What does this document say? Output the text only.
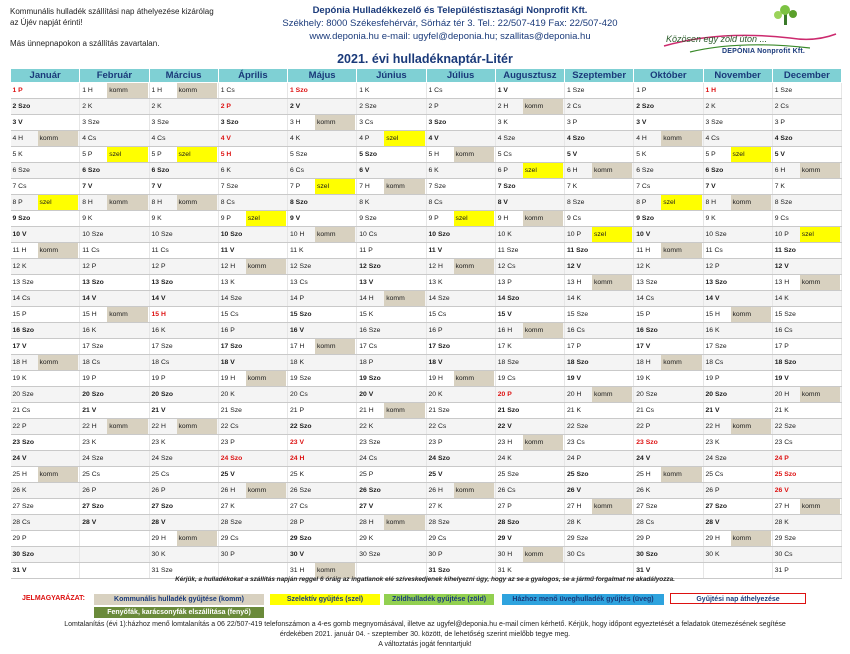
Kommunális hulladék szállítási nap áthelyezése kizárólag
az Újév napját érinti!
Más ünnepnapokon a szállítás zavartalan.
Depónia Hulladékkezelő és Településtisztasági Nonprofit Kft.
Székhely: 8000 Székesfehérvár, Sörház tér 3. Tel.: 22/507-419 Fax: 22/507-420
www.deponia.hu e-mail: ugyfel@deponia.hu; szallitas@deponia.hu	Közösen egy zöld úton ...
DEPÓNIA Nonprofit Kft.
2021. évi hulladéknaptár-Litér
Január	Február	Március	Április	Május	Június	Július	Augusztusz	Szeptember	Október	November	December

1 P	1 H komm	1 H komm	1 Cs	1 Szo	1 K	1 Cs	1 V	1 Sze	1 P	1 H	1 Sze

2 Szo	2 K	2 K	2 P	2 V	2 Sze	2 P	2 H komm	2 Cs	2 Szo	2 K	2 Cs

3 V	3 Sze	3 Sze	3 Szo	3 H komm	3 Cs	3 Szo	3 K	3 P	3 V	3 Sze	3 P

4 H komm	4 Cs	4 Cs	4 V	4 K	4 P szel	4 V	4 Sze	4 Szo	4 H komm	4 Cs	4 Szo

5 K	5 P szel	5 P szel	5 H	5 Sze	5 Szo	5 H komm	5 Cs	5 V	5 K	5 P szel	5 V

6 Sze	6 Szo	6 Szo	6 K	6 Cs	6 V	6 K	6 P szel	6 H komm	6 Sze	6 Szo	6 H komm

7 Cs	7 V	7 V	7 Sze	7 P szel	7 H komm	7 Sze	7 Szo	7 K	7 Cs	7 V	7 K

8 P szel	8 H komm	8 H komm	8 Cs	8 Szo	8 K	8 Cs	8 V	8 Sze	8 P szel	8 H komm	8 Sze

9 Szo	9 K	9 K	9 P szel	9 V	9 Sze	9 P szel	9 H komm	9 Cs	9 Szo	9 K	9 Cs

10 V	10 Sze	10 Sze	10 Szo	10 H komm	10 Cs	10 Szo	10 K	10 P szel	10 V	10 Sze	10 P szel

11 H komm	11 Cs	11 Cs	11 V	11 K	11 P	11 V	11 Sze	11 Szo	11 H komm	11 Cs	11 Szo

12 K	12 P	12 P	12 H komm	12 Sze	12 Szo	12 H komm	12 Cs	12 V	12 K	12 P	12 V

13 Sze	13 Szo	13 Szo	13 K	13 Cs	13 V	13 K	13 P	13 H komm	13 Sze	13 Szo	13 H komm

14 Cs	14 V	14 V	14 Sze	14 P	14 H komm	14 Sze	14 Szo	14 K	14 Cs	14 V	14 K

15 P	15 H komm	15 H	15 Cs	15 Szo	15 K	15 Cs	15 V	15 Sze	15 P	15 H komm	15 Sze

16 Szo	16 K	16 K	16 P	16 V	16 Sze	16 P	16 H komm	16 Cs	16 Szo	16 K	16 Cs

17 V	17 Sze	17 Sze	17 Szo	17 H komm	17 Cs	17 Szo	17 K	17 P	17 V	17 Sze	17 P

18 H komm	18 Cs	18 Cs	18 V	18 K	18 P	18 V	18 Sze	18 Szo	18 H komm	18 Cs	18 Szo

19 K	19 P	19 P	19 H komm	19 Sze	19 Szo	19 H komm	19 Cs	19 V	19 K	19 P	19 V

20 Sze	20 Szo	20 Szo	20 K	20 Cs	20 V	20 K	20 P	20 H komm	20 Sze	20 Szo	20 H komm

21 Cs	21 V	21 V	21 Sze	21 P	21 H komm	21 Sze	21 Szo	21 K	21 Cs	21 V	21 K

22 P	22 H komm	22 H komm	22 Cs	22 Szo	22 K	22 Cs	22 V	22 Sze	22 P	22 H komm	22 Sze

23 Szo	23 K	23 K	23 P	23 V	23 Sze	23 P	23 H komm	23 Cs	23 Szo	23 K	23 Cs

24 V	24 Sze	24 Sze	24 Szo	24 H	24 Cs	24 Szo	24 K	24 P	24 V	24 Sze	24 P

25 H komm	25 Cs	25 Cs	25 V	25 K	25 P	25 V	25 Sze	25 Szo	25 H komm	25 Cs	25 Szo

26 K	26 P	26 P	26 H komm	26 Sze	26 Szo	26 H komm	26 Cs	26 V	26 K	26 P	26 V

27 Sze	27 Szo	27 Szo	27 K	27 Cs	27 V	27 K	27 P	27 H komm	27 Sze	27 Szo	27 H komm

28 Cs	28 V	28 V	28 Sze	28 P	28 H komm	28 Sze	28 Szo	28 K	28 Cs	28 V	28 K

29 P		29 H komm	29 Cs	29 Szo	29 K	29 Cs	29 V	29 Sze	29 P	29 H komm	29 Sze

30 Szo		30 K	30 P	30 V	30 Sze	30 P	30 H komm	30 Cs	30 Szo	30 K	30 Cs

31 V		31 Sze		31 H komm		31 Szo	31 K		31 V		31 P
Kérjük, a hulladékokat a szállítás napján reggel 6 óráig az ingatlanok elé szíveskedjenek kihelyezni úgy, hogy az se a gyalogos, se a jármű forgalmat ne akadályozza.
JELMAGYARÁZAT:	Kommunális hulladék gyűjtése (komm)	Szelektív gyűjtés (szel)	Zöldhulladék gyűjtése (zöld)	Házhoz menő üveghulladék gyűjtés (üveg)	Gyűjtési nap áthelyezése
Fenyőfák, karácsonyfák elszállítása (fenyő)
Lomtalanítás (évi 1):házhoz menő lomtalanítás a 06 22/507-419 telefonszámon a 4-es gomb megnyomásával, illetve az ugyfel@deponia.hu e-mail címen kérhető. Kérjük, hogy időpont egyeztetését a feladatok ütemezésének segítése
érdekében 2021. január 04. - szeptember 30. között, de lehetőség szerint mielőbb tegye meg.
A változtatás jogát fenntartjuk!
